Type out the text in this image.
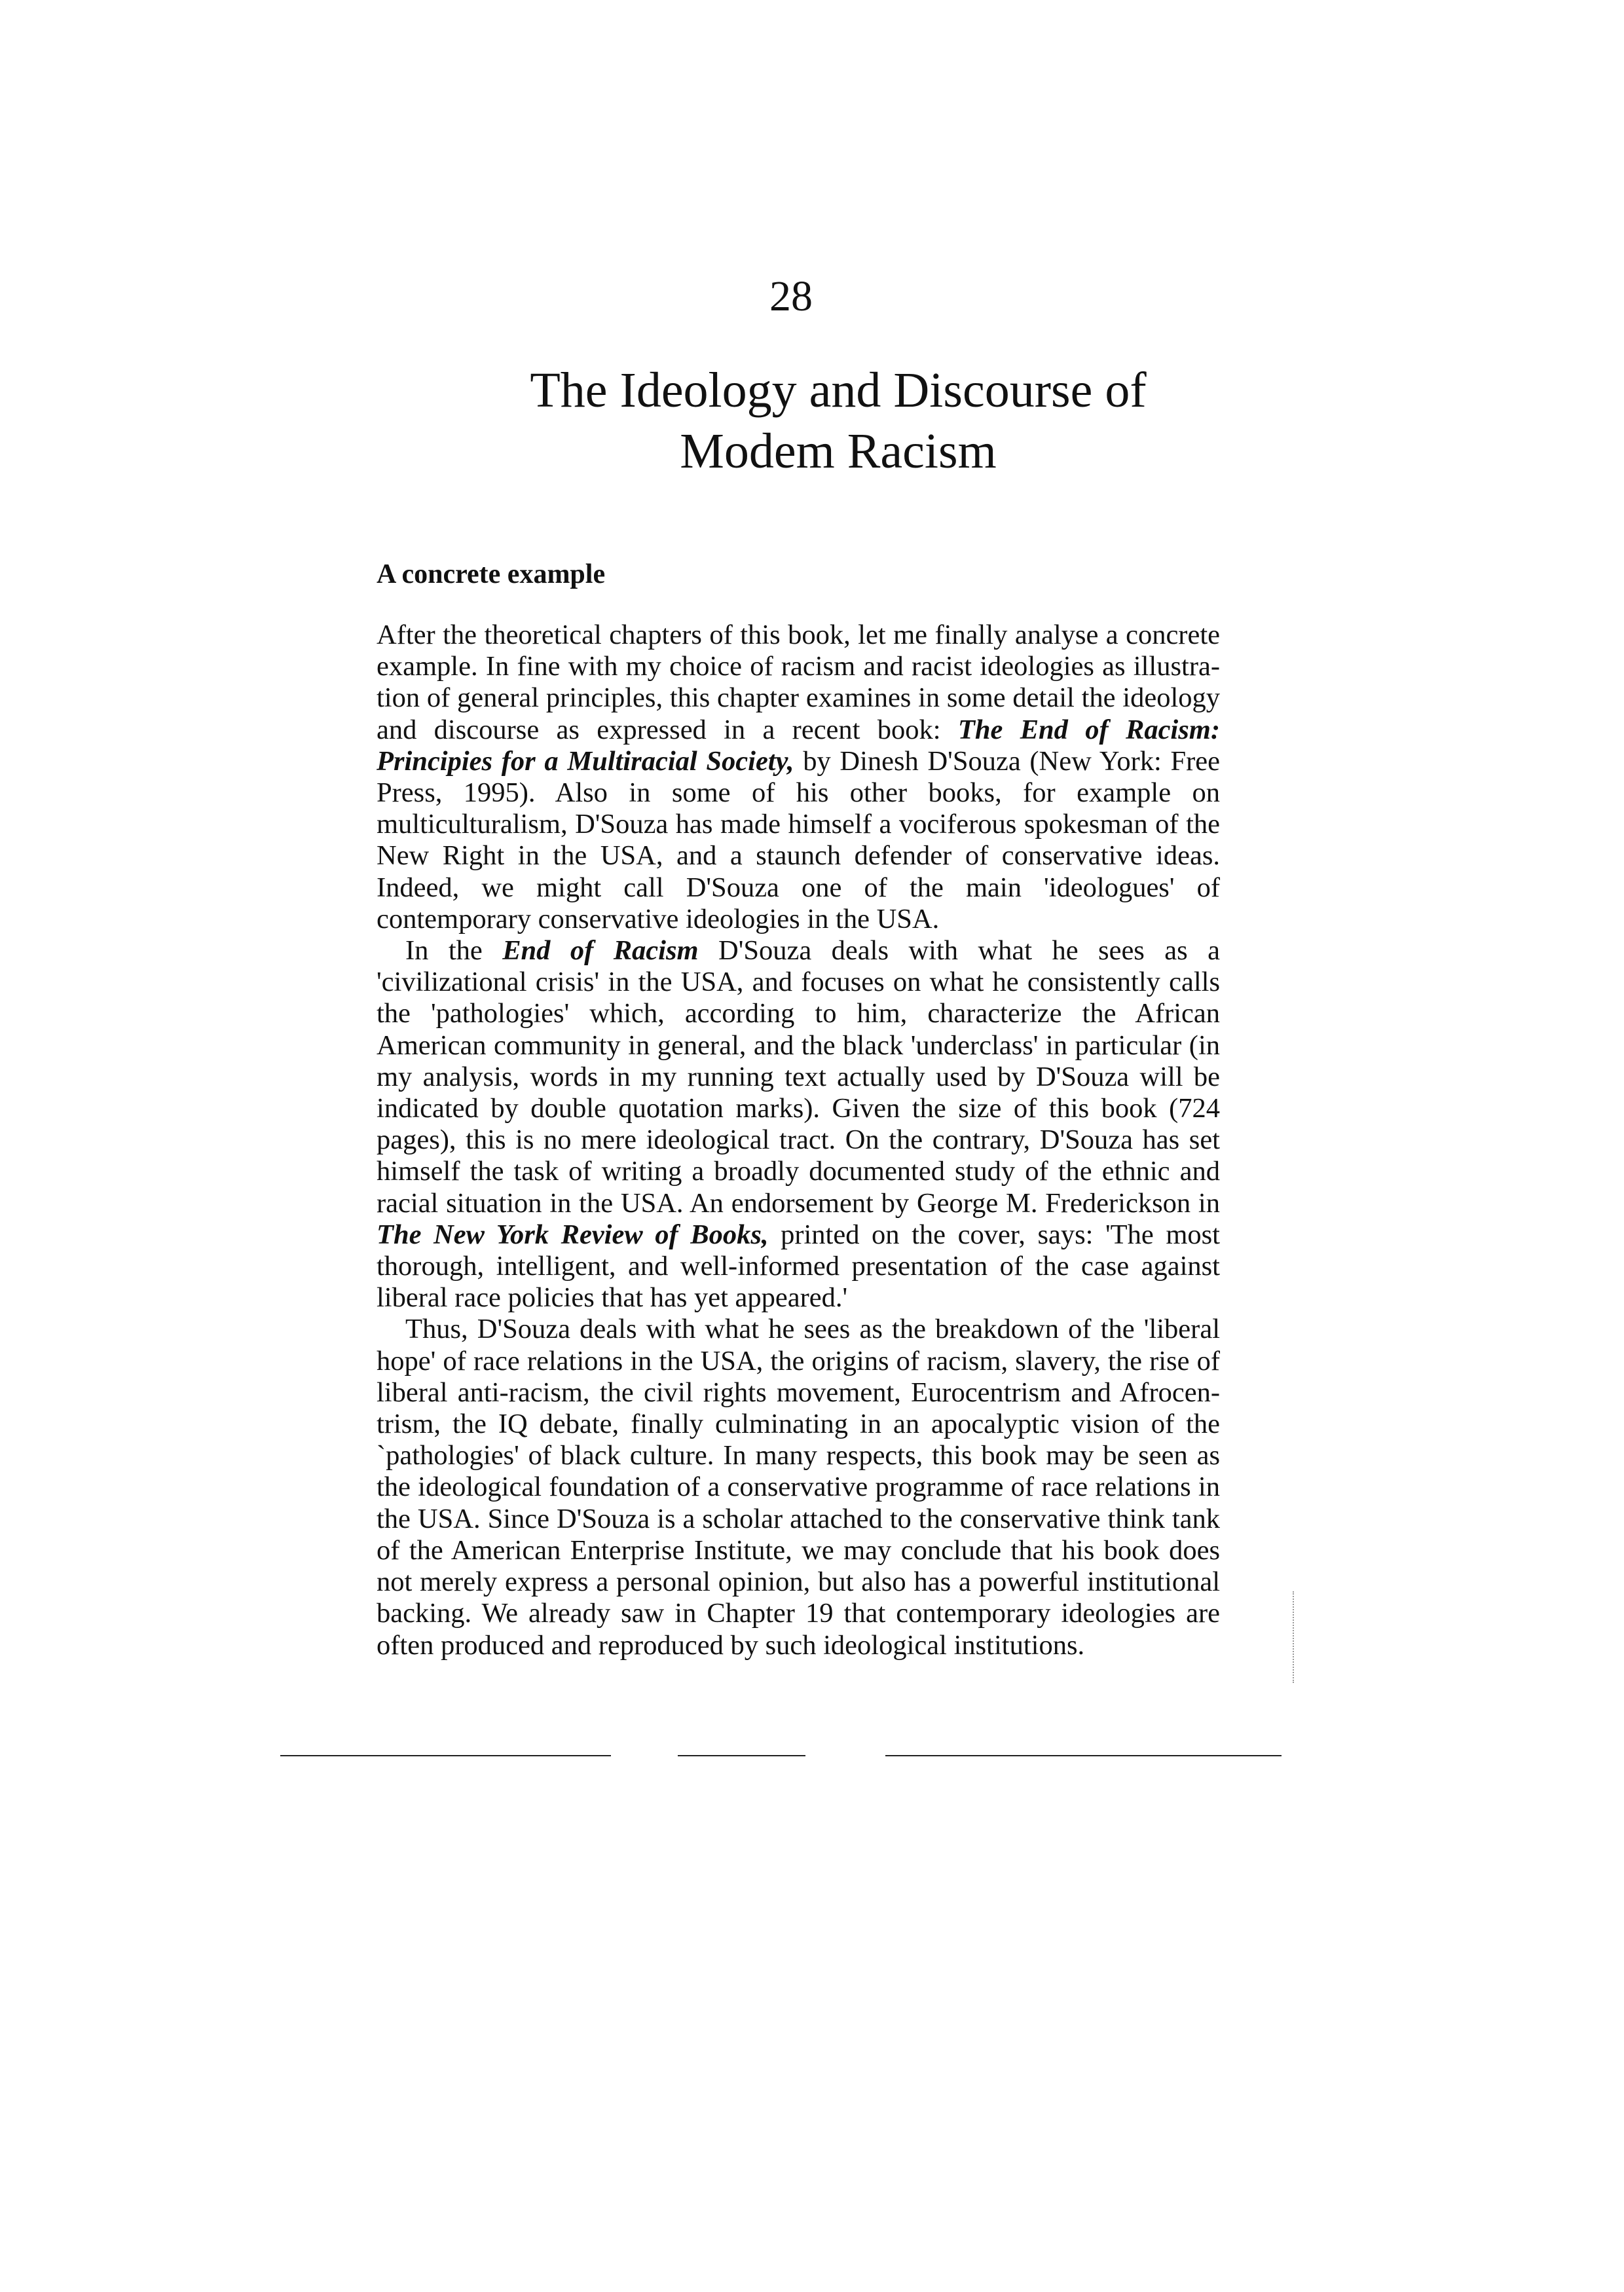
28
The Ideology and Discourse of
Modem Racism
A concrete example

After the theoretical chapters of this book, let me finally analyse a concrete example. In fine with my choice of racism and racist ideologies as illustration of general principles, this chapter examines in some detail the ideology and discourse as expressed in a recent book: The End of Racism: Principies for a Multiracial Society, by Dinesh D'Souza (New York: Free Press, 1995). Also in some of his other books, for example on multiculturalism, D'Souza has made himself a vociferous spokesman of the New Right in the USA, and a staunch defender of conservative ideas. Indeed, we might call D'Souza one of the main 'ideologues' of contemporary conservative ideologies in the USA.

In the End of Racism D'Souza deals with what he sees as a 'civilizational crisis' in the USA, and focuses on what he consistently calls the 'pathologies' which, according to him, characterize the African American community in general, and the black 'underclass' in particular (in my analysis, words in my running text actually used by D'Souza will be indicated by double quotation marks). Given the size of this book (724 pages), this is no mere ideological tract. On the contrary, D'Souza has set himself the task of writing a broadly documented study of the ethnic and racial situation in the USA. An endorsement by George M. Frederickson in The New York Review of Books, printed on the cover, says: 'The most thorough, intelligent, and well-informed presentation of the case against liberal race policies that has yet appeared.'

Thus, D'Souza deals with what he sees as the breakdown of the 'liberal hope' of race relations in the USA, the origins of racism, slavery, the rise of liberal anti-racism, the civil rights movement, Eurocentrism and Afrocentrism, the IQ debate, finally culminating in an apocalyptic vision of the `pathologies' of black culture. In many respects, this book may be seen as the ideological foundation of a conservative programme of race relations in the USA. Since D'Souza is a scholar attached to the conservative think tank of the American Enterprise Institute, we may conclude that his book does not merely express a personal opinion, but also has a powerful institutional backing. We already saw in Chapter 19 that contemporary ideologies are often produced and reproduced by such ideological institutions.
